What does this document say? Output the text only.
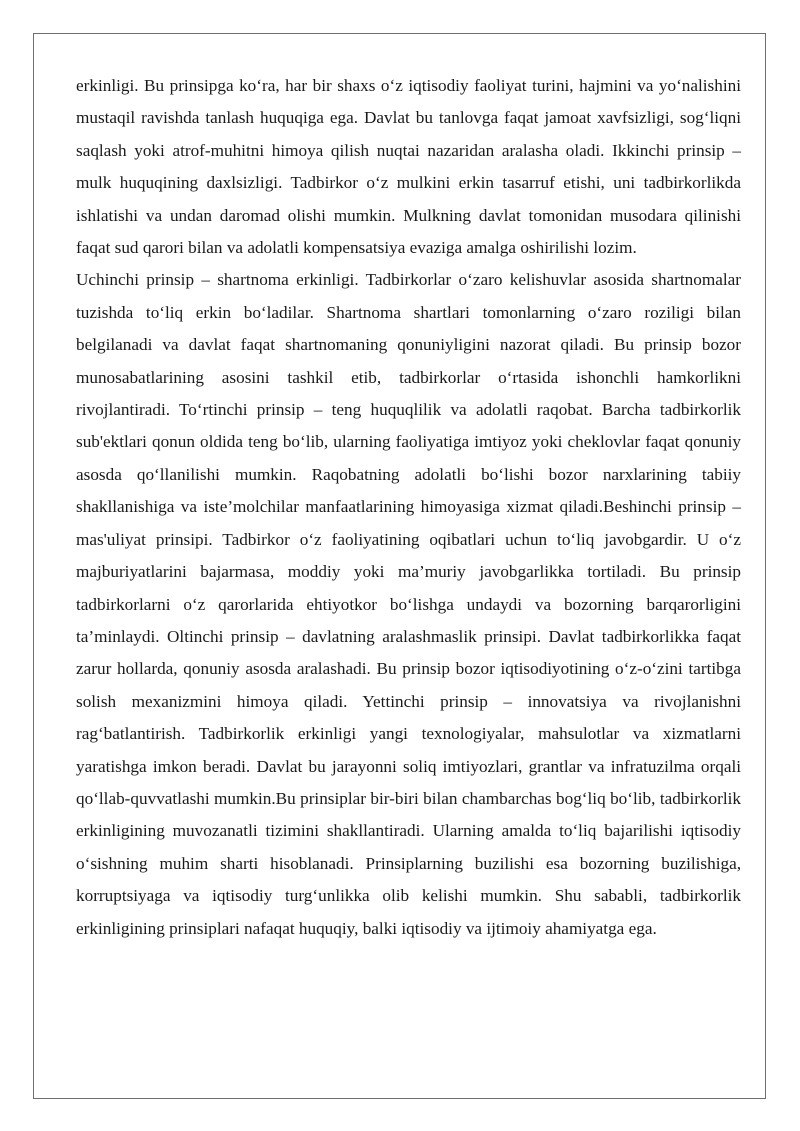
erkinligi. Bu prinsipga koʻra, har bir shaxs oʻz iqtisodiy faoliyat turini, hajmini va yoʻnalishini mustaqil ravishda tanlash huquqiga ega. Davlat bu tanlovga faqat jamoat xavfsizligi, sogʻliqni saqlash yoki atrof-muhitni himoya qilish nuqtai nazaridan aralasha oladi. Ikkinchi prinsip – mulk huquqining daxlsizligi. Tadbirkor oʻz mulkini erkin tasarruf etishi, uni tadbirkorlikda ishlatishi va undan daromad olishi mumkin. Mulkning davlat tomonidan musodara qilinishi faqat sud qarori bilan va adolatli kompensatsiya evaziga amalga oshirilishi lozim.

Uchinchi prinsip – shartnoma erkinligi. Tadbirkorlar oʻzaro kelishuvlar asosida shartnomalar tuzishda toʻliq erkin boʻladilar. Shartnoma shartlari tomonlarning oʻzaro roziligi bilan belgilanadi va davlat faqat shartnomaning qonuniyligini nazorat qiladi. Bu prinsip bozor munosabatlarining asosini tashkil etib, tadbirkorlar oʻrtasida ishonchli hamkorlikni rivojlantiradi. Toʻrtinchi prinsip – teng huquqlilik va adolatli raqobat. Barcha tadbirkorlik sub'ektlari qonun oldida teng boʻlib, ularning faoliyatiga imtiyoz yoki cheklovlar faqat qonuniy asosda qoʻllanilishi mumkin. Raqobatning adolatli boʻlishi bozor narxlarining tabiiy shakllanishiga va iste’molchilar manfaatlarining himoyasiga xizmat qiladi.Beshinchi prinsip – mas'uliyat prinsipi. Tadbirkor oʻz faoliyatining oqibatlari uchun toʻliq javobgardir. U oʻz majburiyatlarini bajarmasa, moddiy yoki ma’muriy javobgarlikka tortiladi. Bu prinsip tadbirkorlarni oʻz qarorlarida ehtiyotkor boʻlishga undaydi va bozorning barqarorligini ta’minlaydi. Oltinchi prinsip – davlatning aralashmaslik prinsipi. Davlat tadbirkorlikka faqat zarur hollarda, qonuniy asosda aralashadi. Bu prinsip bozor iqtisodiyotining oʻz-oʻzini tartibga solish mexanizmini himoya qiladi. Yettinchi prinsip – innovatsiya va rivojlanishni ragʻbatlantirish. Tadbirkorlik erkinligi yangi texnologiyalar, mahsulotlar va xizmatlarni yaratishga imkon beradi. Davlat bu jarayonni soliq imtiyozlari, grantlar va infratuzilma orqali qoʻllab-quvvatlashi mumkin.Bu prinsiplar bir-biri bilan chambarchas bogʻliq boʻlib, tadbirkorlik erkinligining muvozanatli tizimini shakllantiradi. Ularning amalda toʻliq bajarilishi iqtisodiy oʻsishning muhim sharti hisoblanadi. Prinsiplarning buzilishi esa bozorning buzilishiga, korruptsiyaga va iqtisodiy turgʻunlikka olib kelishi mumkin. Shu sababli, tadbirkorlik erkinligining prinsiplari nafaqat huquqiy, balki iqtisodiy va ijtimoiy ahamiyatga ega.
